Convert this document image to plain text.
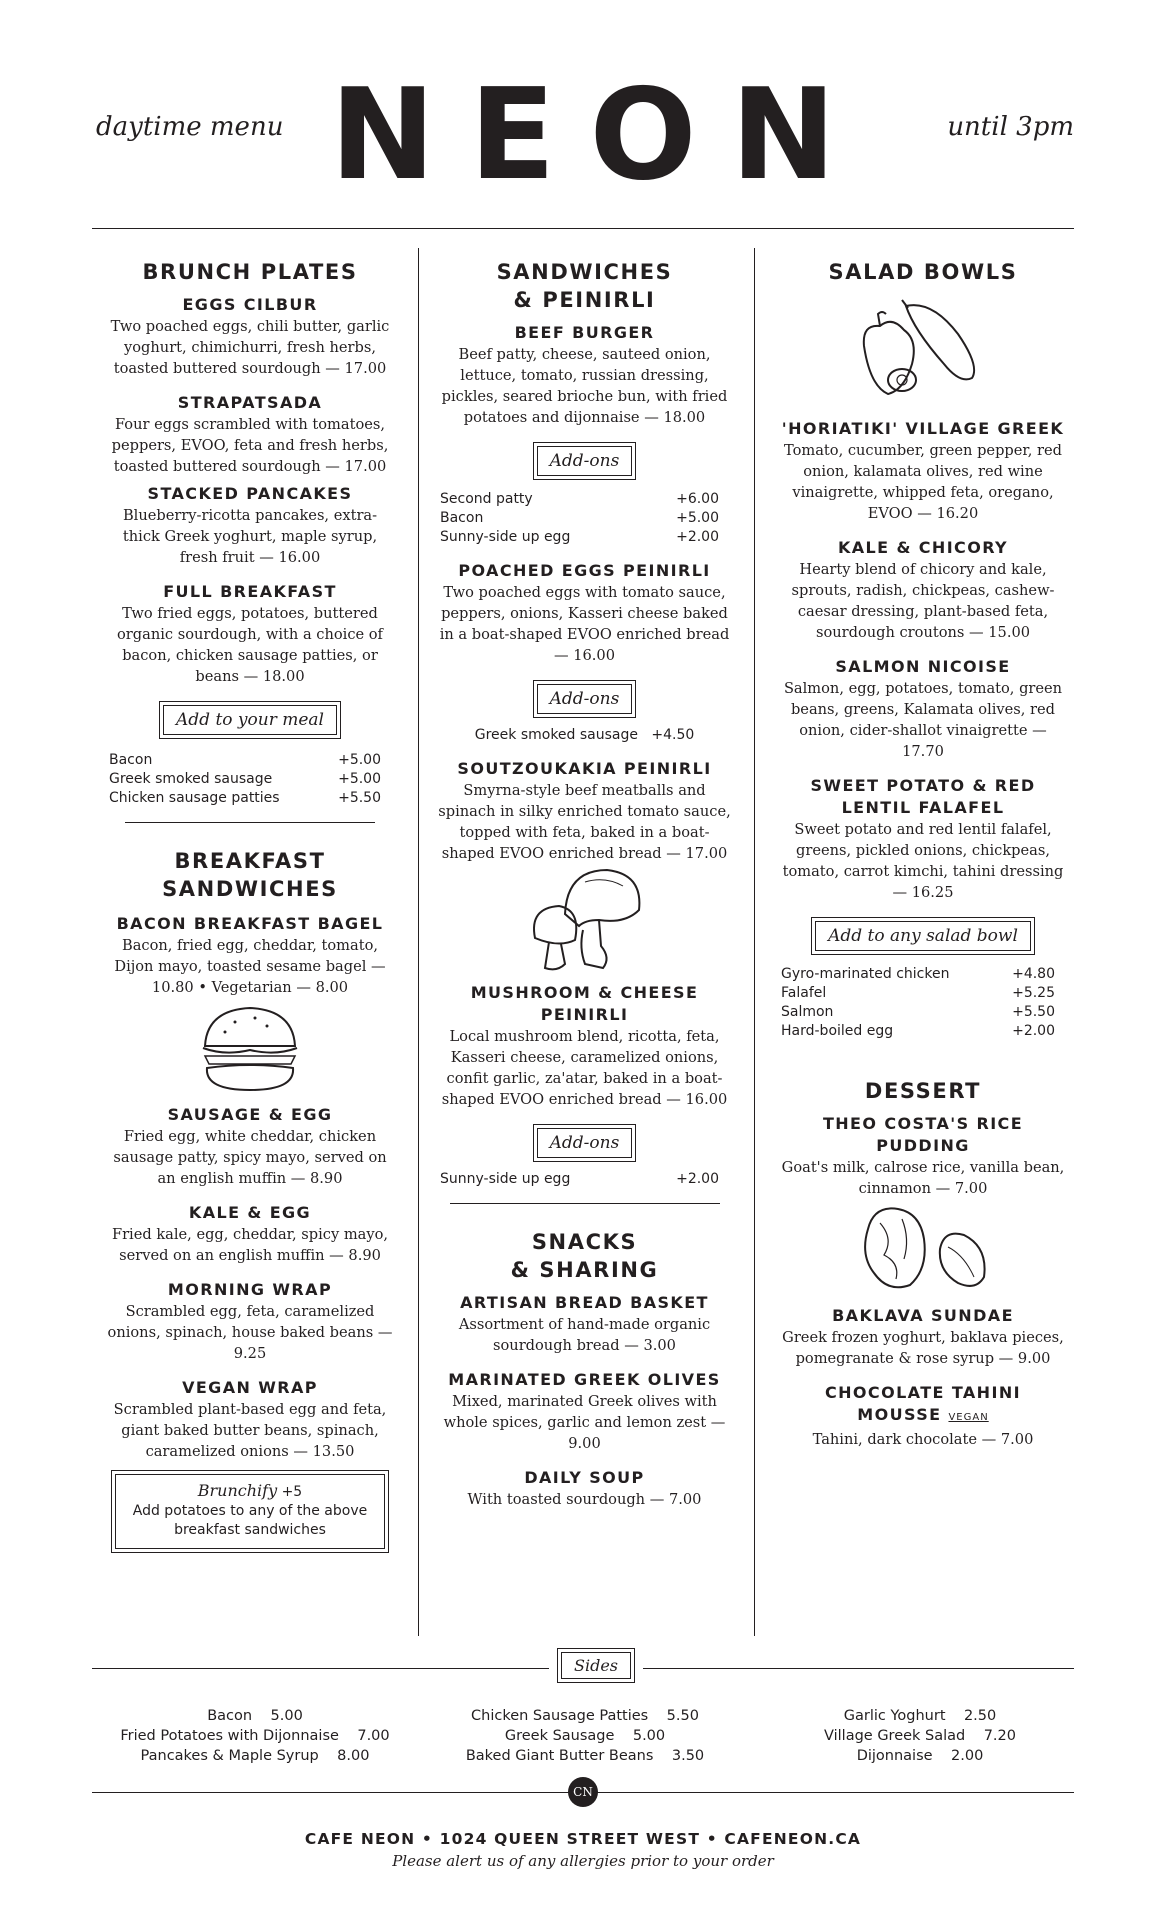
daytime menu NEON	until 3pm
BRUNCH PLATES

EGGS CILBUR

Two poached eggs, chili butter, garlic yoghurt, chimichurri, fresh herbs, toasted buttered sourdough — 17.00

STRAPATSADA

Four eggs scrambled with tomatoes, peppers, EVOO, feta and fresh herbs, toasted buttered sourdough — 17.00

STACKED PANCAKES

Blueberry-ricotta pancakes, extra-thick Greek yoghurt, maple syrup, fresh fruit — 16.00

FULL BREAKFAST

Two fried eggs, potatoes, buttered organic sourdough, with a choice of bacon, chicken sausage patties, or beans — 18.00

Add to your meal
Bacon	+5.00
Greek smoked sausage	+5.00
Chicken sausage patties	+5.50
BREAKFAST
SANDWICHES

BACON BREAKFAST BAGEL

Bacon, fried egg, cheddar, tomato, Dijon mayo, toasted sesame bagel — 10.80 • Vegetarian — 8.00

SAUSAGE & EGG

Fried egg, white cheddar, chicken sausage patty, spicy mayo, served on an english muffin — 8.90

KALE & EGG

Fried kale, egg, cheddar, spicy mayo, served on an english muffin — 8.90

MORNING WRAP

Scrambled egg, feta, caramelized onions, spinach, house baked beans — 9.25

VEGAN WRAP

Scrambled plant-based egg and feta, giant baked butter beans, spinach, caramelized onions — 13.50

Brunchify +5
Add potatoes to any of the above breakfast sandwiches
SANDWICHES
& PEINIRLI

BEEF BURGER

Beef patty, cheese, sauteed onion, lettuce, tomato, russian dressing, pickles, seared brioche bun, with fried potatoes and dijonnaise — 18.00

Add-ons
Second patty	+6.00
Bacon	+5.00
Sunny-side up egg	+2.00

POACHED EGGS PEINIRLI

Two poached eggs with tomato sauce, peppers, onions, Kasseri cheese baked in a boat-shaped EVOO enriched bread — 16.00

Add-ons
Greek smoked sausage +4.50

SOUTZOUKAKIA PEINIRLI

Smyrna-style beef meatballs and spinach in silky enriched tomato sauce, topped with feta, baked in a boat-shaped EVOO enriched bread — 17.00

MUSHROOM & CHEESE PEINIRLI

Local mushroom blend, ricotta, feta, Kasseri cheese, caramelized onions, confit garlic, za'atar, baked in a boat-shaped EVOO enriched bread — 16.00

Add-ons
Sunny-side up egg	+2.00
SNACKS
& SHARING

ARTISAN BREAD BASKET

Assortment of hand-made organic sourdough bread — 3.00

MARINATED GREEK OLIVES

Mixed, marinated Greek olives with whole spices, garlic and lemon zest — 9.00

DAILY SOUP

With toasted sourdough — 7.00

SALAD BOWLS

'HORIATIKI' VILLAGE GREEK

Tomato, cucumber, green pepper, red onion, kalamata olives, red wine vinaigrette, whipped feta, oregano, EVOO — 16.20

KALE & CHICORY

Hearty blend of chicory and kale, sprouts, radish, chickpeas, cashew-caesar dressing, plant-based feta, sourdough croutons — 15.00

SALMON NICOISE

Salmon, egg, potatoes, tomato, green beans, greens, Kalamata olives, red onion, cider-shallot vinaigrette — 17.70

SWEET POTATO & RED LENTIL FALAFEL

Sweet potato and red lentil falafel, greens, pickled onions, chickpeas, tomato, carrot kimchi, tahini dressing — 16.25

Add to any salad bowl
Gyro-marinated chicken	+4.80
Falafel	+5.25
Salmon	+5.50
Hard-boiled egg	+2.00
DESSERT

THEO COSTA'S RICE PUDDING

Goat's milk, calrose rice, vanilla bean, cinnamon — 7.00

BAKLAVA SUNDAE

Greek frozen yoghurt, baklava pieces, pomegranate & rose syrup — 9.00

CHOCOLATE TAHINI MOUSSE VEGAN

Tahini, dark chocolate — 7.00

Sides
Bacon    5.00
Fried Potatoes with Dijonnaise    7.00
Pancakes & Maple Syrup    8.00
Chicken Sausage Patties    5.50
Greek Sausage    5.00
Baked Giant Butter Beans    3.50
Garlic Yoghurt    2.50
Village Greek Salad    7.20
Dijonnaise    2.00
CN
CAFE NEON • 1024 QUEEN STREET WEST • CAFENEON.CA
Please alert us of any allergies prior to your order
